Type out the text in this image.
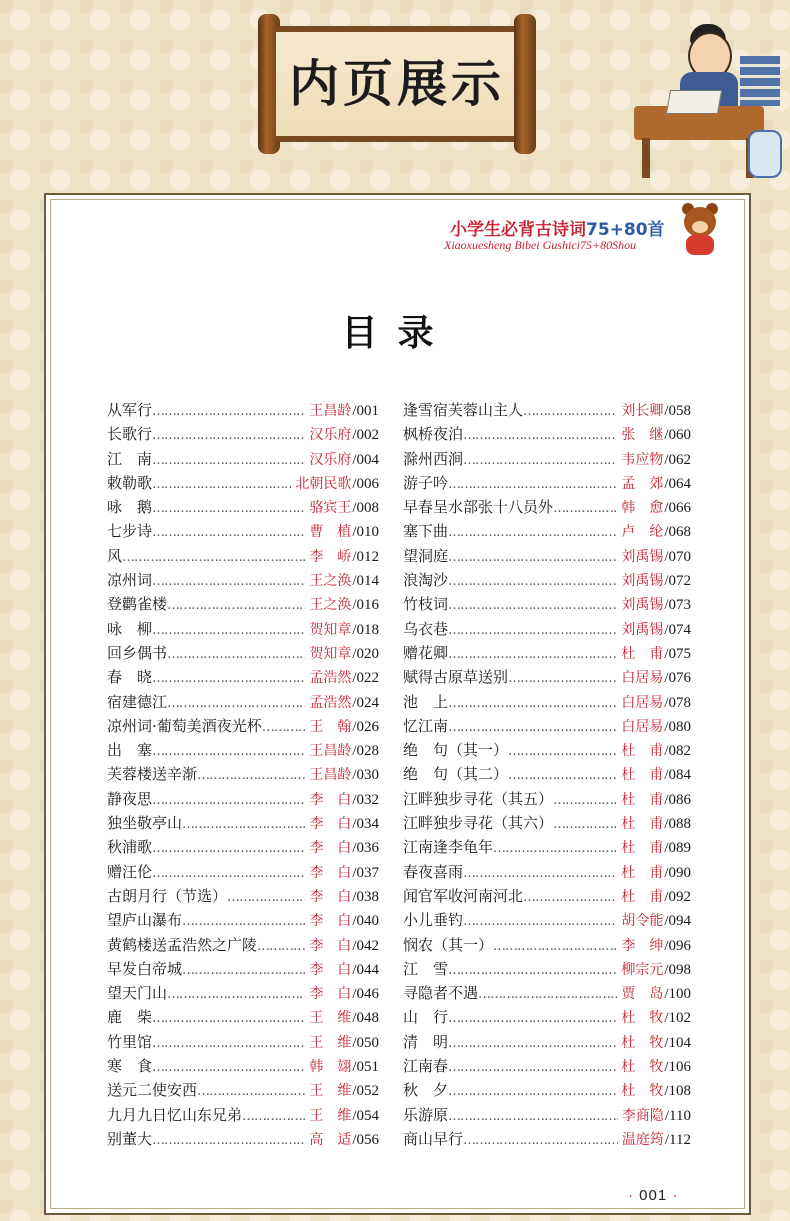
内页展示
小学生必背古诗词75+80首
Xiaoxuesheng Bibei Gushici75+80Shou
目录
从军行 …………………………………………………………………………………………………	王昌龄 /001
长歌行 …………………………………………………………………………………………………	汉乐府 /002
江　南 …………………………………………………………………………………………………	汉乐府 /004
敕勒歌 …………………………………………………………………………………………………	北朝民歌 /006
咏　鹅 …………………………………………………………………………………………………	骆宾王 /008
七步诗 …………………………………………………………………………………………………	曹　植 /010
风 …………………………………………………………………………………………………	李　峤 /012
凉州词 …………………………………………………………………………………………………	王之涣 /014
登鹳雀楼 …………………………………………………………………………………………………	王之涣 /016
咏　柳 …………………………………………………………………………………………………	贺知章 /018
回乡偶书 …………………………………………………………………………………………………	贺知章 /020
春　晓 …………………………………………………………………………………………………	孟浩然 /022
宿建德江 …………………………………………………………………………………………………	孟浩然 /024
凉州词·葡萄美酒夜光杯 …………………………………………………………………………………………………	王　翰 /026
出　塞 …………………………………………………………………………………………………	王昌龄 /028
芙蓉楼送辛渐 …………………………………………………………………………………………………	王昌龄 /030
静夜思 …………………………………………………………………………………………………	李　白 /032
独坐敬亭山 …………………………………………………………………………………………………	李　白 /034
秋浦歌 …………………………………………………………………………………………………	李　白 /036
赠汪伦 …………………………………………………………………………………………………	李　白 /037
古朗月行（节选） …………………………………………………………………………………………………	李　白 /038
望庐山瀑布 …………………………………………………………………………………………………	李　白 /040
黄鹤楼送孟浩然之广陵 …………………………………………………………………………………………………	李　白 /042
早发白帝城 …………………………………………………………………………………………………	李　白 /044
望天门山 …………………………………………………………………………………………………	李　白 /046
鹿　柴 …………………………………………………………………………………………………	王　维 /048
竹里馆 …………………………………………………………………………………………………	王　维 /050
寒　食 …………………………………………………………………………………………………	韩　翃 /051
送元二使安西 …………………………………………………………………………………………………	王　维 /052
九月九日忆山东兄弟 …………………………………………………………………………………………………	王　维 /054
别董大 …………………………………………………………………………………………………	高　适 /056
逢雪宿芙蓉山主人 …………………………………………………………………………………………………	刘长卿 /058
枫桥夜泊 …………………………………………………………………………………………………	张　继 /060
滁州西涧 …………………………………………………………………………………………………	韦应物 /062
游子吟 …………………………………………………………………………………………………	孟　郊 /064
早春呈水部张十八员外 …………………………………………………………………………………………………	韩　愈 /066
塞下曲 …………………………………………………………………………………………………	卢　纶 /068
望洞庭 …………………………………………………………………………………………………	刘禹锡 /070
浪淘沙 …………………………………………………………………………………………………	刘禹锡 /072
竹枝词 …………………………………………………………………………………………………	刘禹锡 /073
乌衣巷 …………………………………………………………………………………………………	刘禹锡 /074
赠花卿 …………………………………………………………………………………………………	杜　甫 /075
赋得古原草送别 …………………………………………………………………………………………………	白居易 /076
池　上 …………………………………………………………………………………………………	白居易 /078
忆江南 …………………………………………………………………………………………………	白居易 /080
绝　句（其一） …………………………………………………………………………………………………	杜　甫 /082
绝　句（其二） …………………………………………………………………………………………………	杜　甫 /084
江畔独步寻花（其五） …………………………………………………………………………………………………	杜　甫 /086
江畔独步寻花（其六） …………………………………………………………………………………………………	杜　甫 /088
江南逢李龟年 …………………………………………………………………………………………………	杜　甫 /089
春夜喜雨 …………………………………………………………………………………………………	杜　甫 /090
闻官军收河南河北 …………………………………………………………………………………………………	杜　甫 /092
小儿垂钓 …………………………………………………………………………………………………	胡令能 /094
悯农（其一） …………………………………………………………………………………………………	李　绅 /096
江　雪 …………………………………………………………………………………………………	柳宗元 /098
寻隐者不遇 …………………………………………………………………………………………………	贾　岛 /100
山　行 …………………………………………………………………………………………………	杜　牧 /102
清　明 …………………………………………………………………………………………………	杜　牧 /104
江南春 …………………………………………………………………………………………………	杜　牧 /106
秋　夕 …………………………………………………………………………………………………	杜　牧 /108
乐游原 …………………………………………………………………………………………………	李商隐 /110
商山早行 …………………………………………………………………………………………………	温庭筠 /112
· 001 ·
